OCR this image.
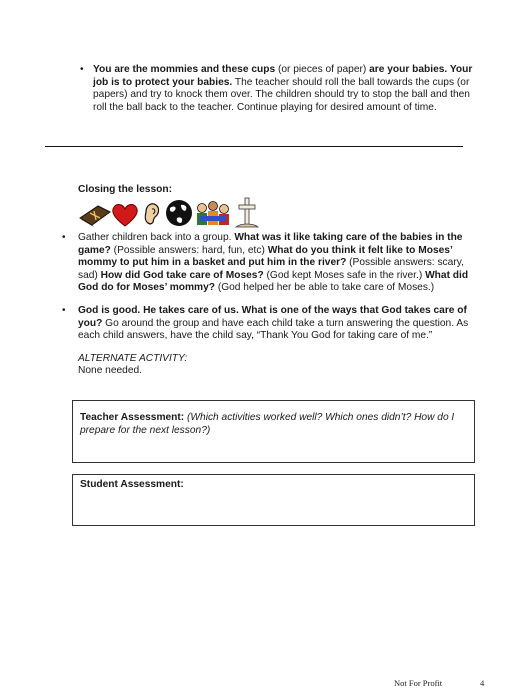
• You are the mommies and these cups (or pieces of paper) are your babies. Your job is to protect your babies. The teacher should roll the ball towards the cups (or papers) and try to knock them over. The children should try to stop the ball and then roll the ball back to the teacher. Continue playing for desired amount of time.
Closing the lesson:
• Gather children back into a group. What was it like taking care of the babies in the game? (Possible answers: hard, fun, etc) What do you think it felt like to Moses’ mommy to put him in a basket and put him in the river? (Possible answers: scary, sad) How did God take care of Moses? (God kept Moses safe in the river.) What did God do for Moses’ mommy? (God helped her be able to take care of Moses.)
• God is good. He takes care of us. What is one of the ways that God takes care of you? Go around the group and have each child take a turn answering the question. As each child answers, have the child say, “Thank You God for taking care of me.”
ALTERNATE ACTIVITY:
None needed.
Teacher Assessment: (Which activities worked well? Which ones didn’t? How do I prepare for the next lesson?)
Student Assessment:
Not For Profit	4
